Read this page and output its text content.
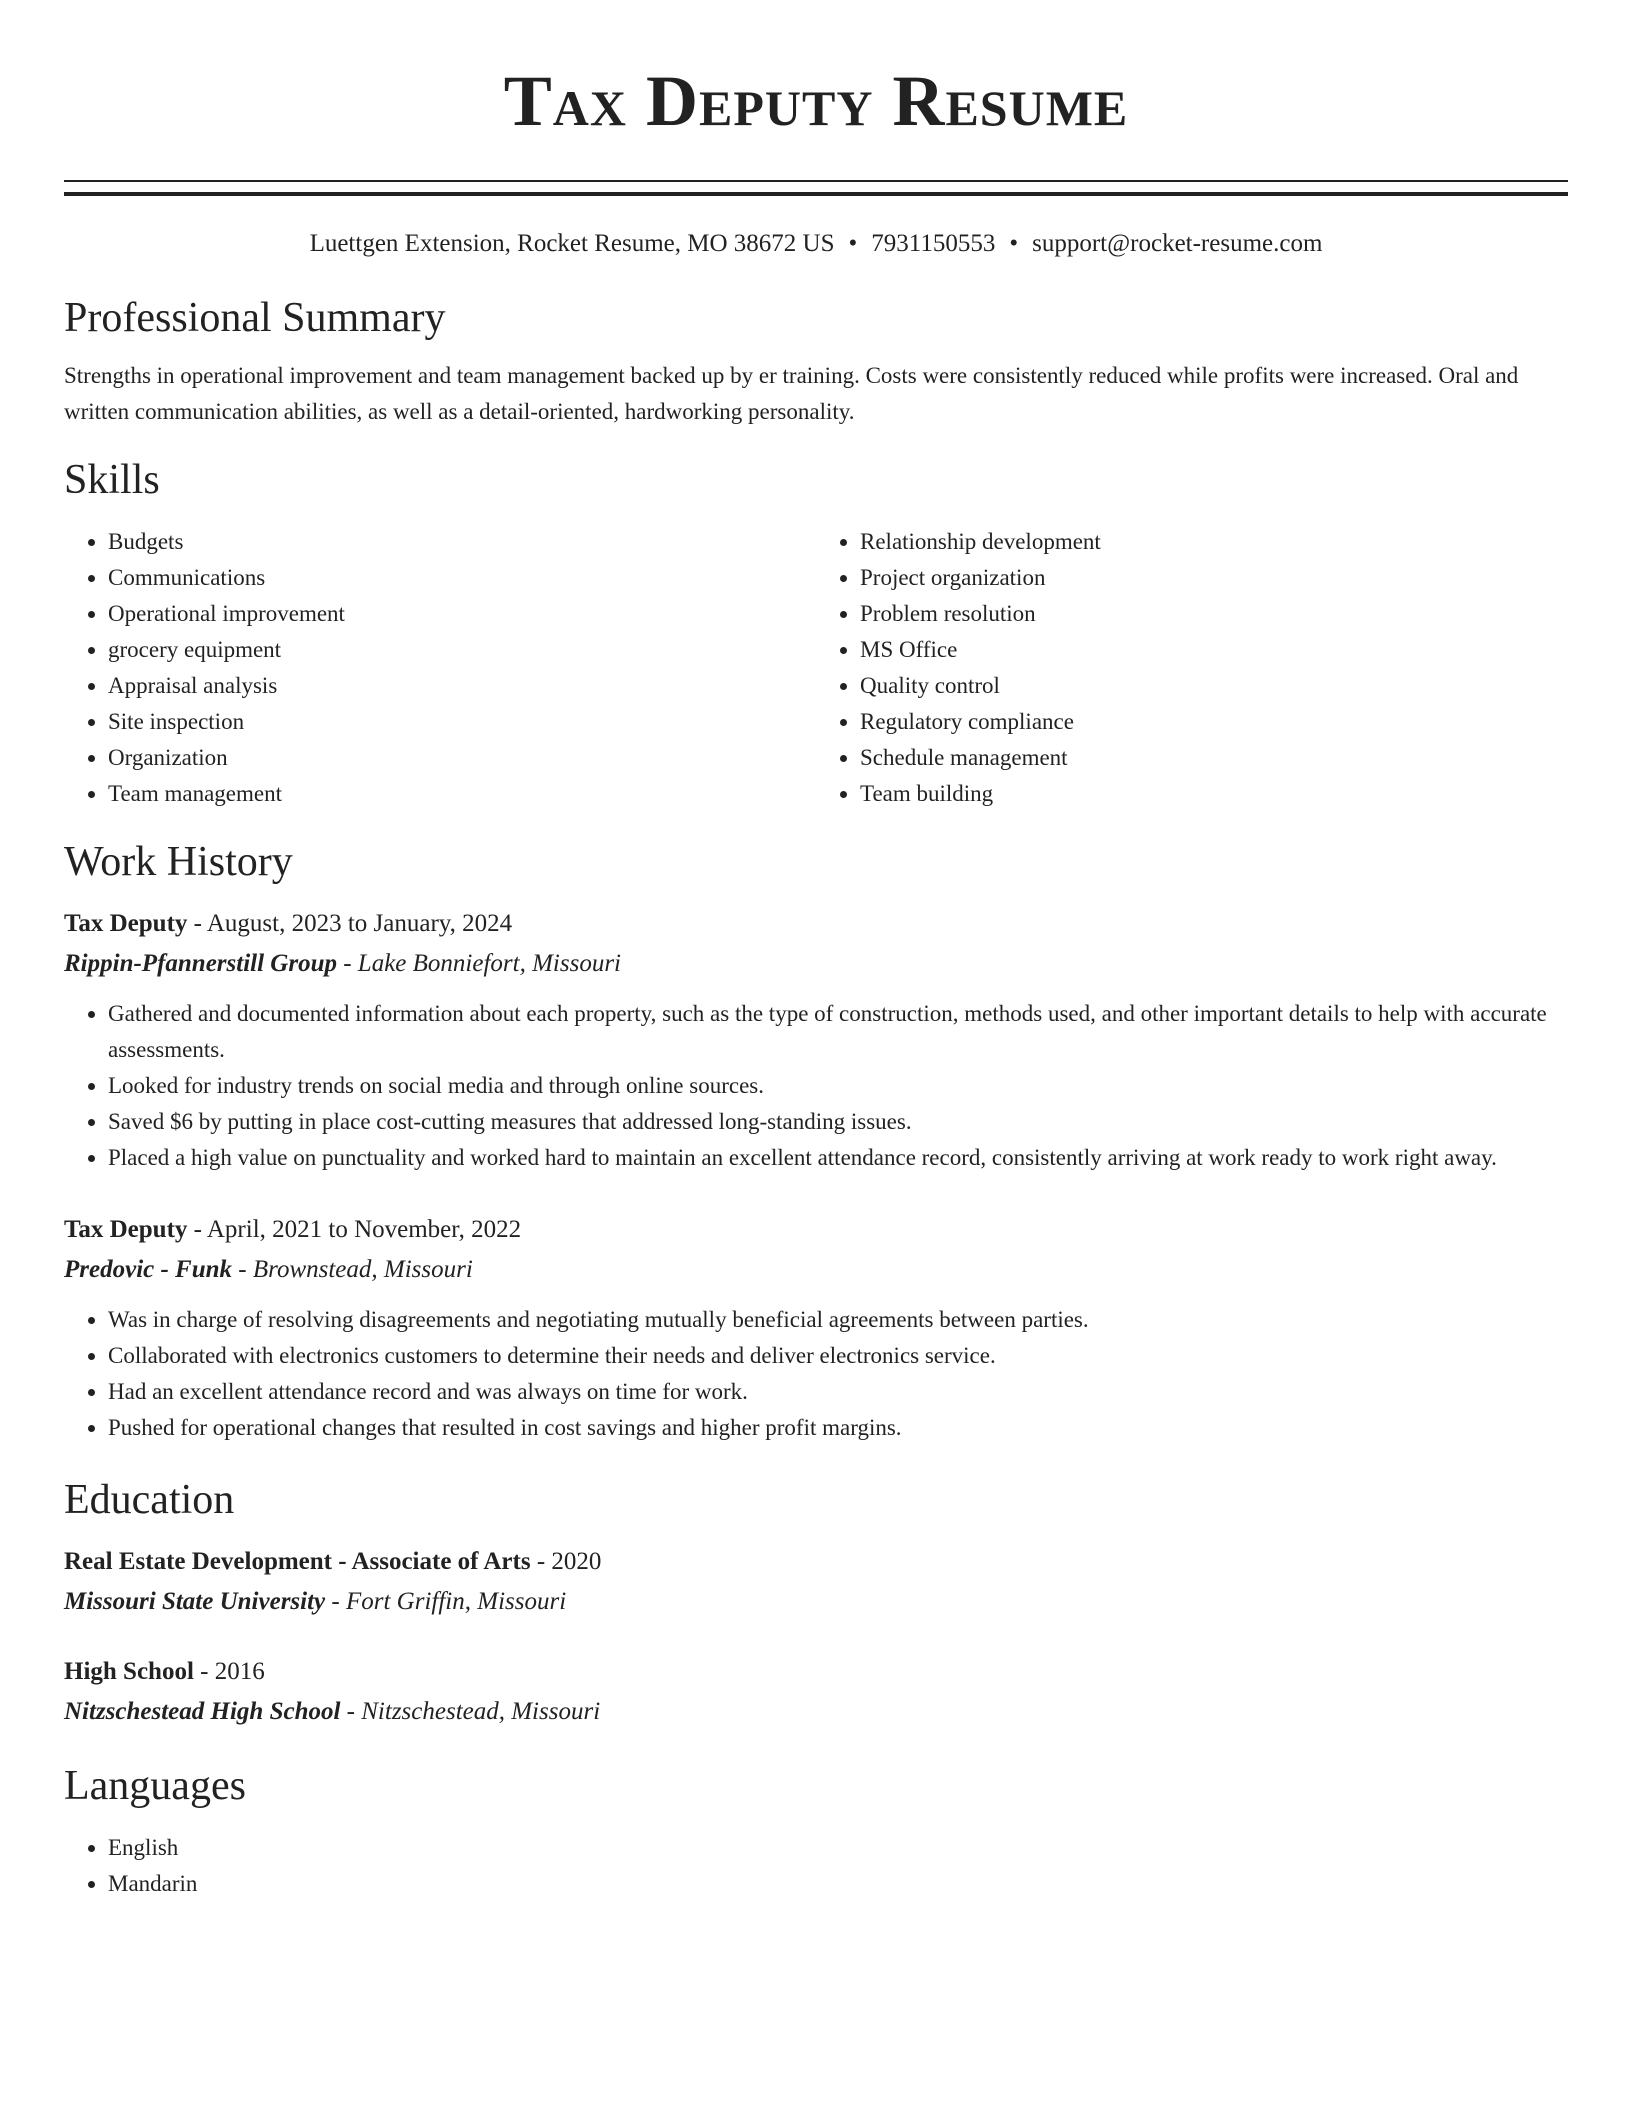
Tax Deputy Resume
Luettgen Extension, Rocket Resume, MO 38672 US • 7931150553 • support@rocket-resume.com
Professional Summary

Strengths in operational improvement and team management backed up by er training. Costs were consistently reduced while profits were increased. Oral and written communication abilities, as well as a detail-oriented, hardworking personality.

Skills
• Budgets
• Communications
• Operational improvement
• grocery equipment
• Appraisal analysis
• Site inspection
• Organization
• Team management
• Relationship development
• Project organization
• Problem resolution
• MS Office
• Quality control
• Regulatory compliance
• Schedule management
• Team building
Work History
Tax Deputy - August, 2023 to January, 2024
Rippin-Pfannerstill Group - Lake Bonniefort, Missouri
• Gathered and documented information about each property, such as the type of construction, methods used, and other important details to help with accurate assessments.
• Looked for industry trends on social media and through online sources.
• Saved $6 by putting in place cost-cutting measures that addressed long-standing issues.
• Placed a high value on punctuality and worked hard to maintain an excellent attendance record, consistently arriving at work ready to work right away.
Tax Deputy - April, 2021 to November, 2022
Predovic - Funk - Brownstead, Missouri
• Was in charge of resolving disagreements and negotiating mutually beneficial agreements between parties.
• Collaborated with electronics customers to determine their needs and deliver electronics service.
• Had an excellent attendance record and was always on time for work.
• Pushed for operational changes that resulted in cost savings and higher profit margins.
Education
Real Estate Development - Associate of Arts - 2020
Missouri State University - Fort Griffin, Missouri
High School - 2016
Nitzschestead High School - Nitzschestead, Missouri
Languages
• English
• Mandarin
